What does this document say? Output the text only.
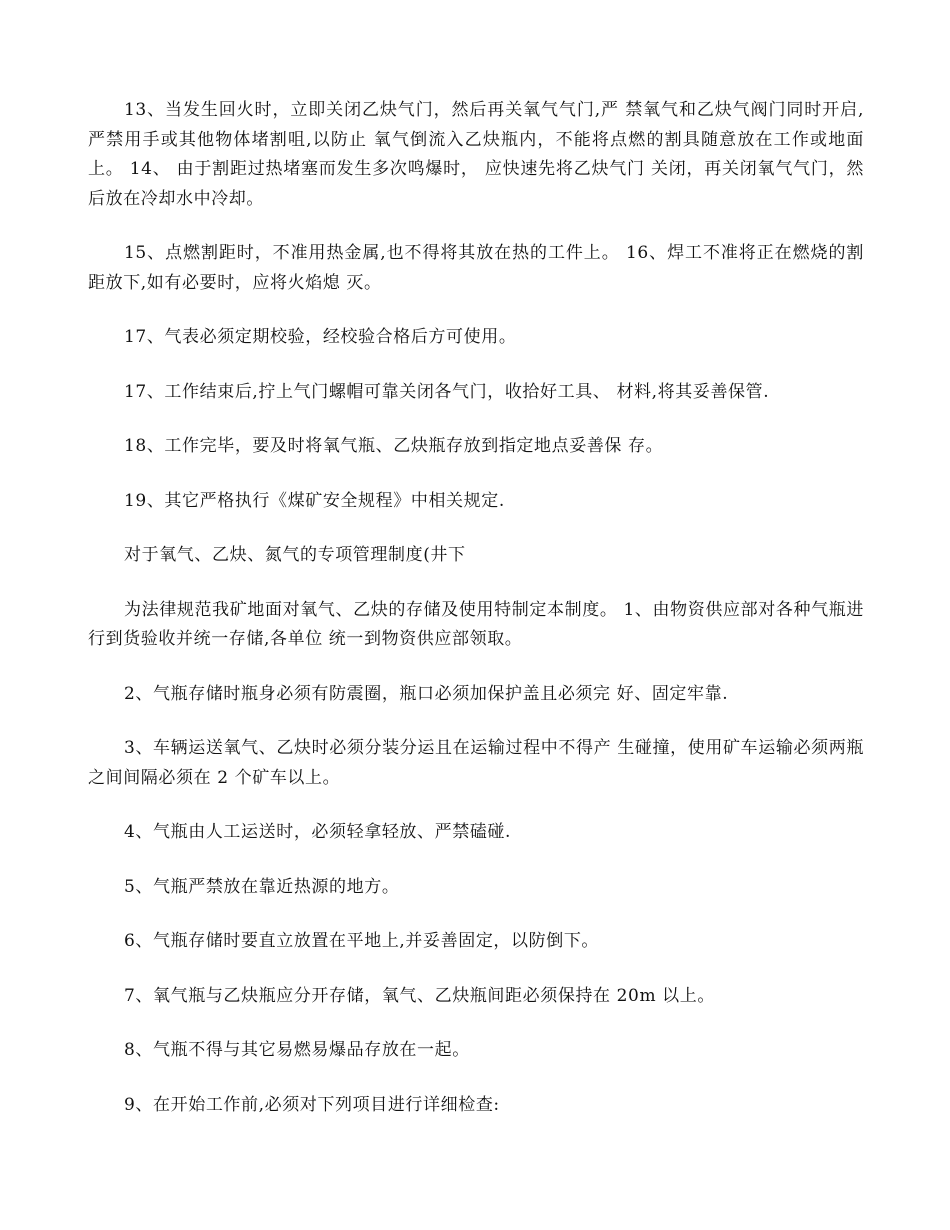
13、当发生回火时，立即关闭乙炔气门，然后再关氧气气门,严 禁氧气和乙炔气阀门同时开启,严禁用手或其他物体堵割咀,以防止 氧气倒流入乙炔瓶内，不能将点燃的割具随意放在工作或地面上。 14、 由于割距过热堵塞而发生多次鸣爆时， 应快速先将乙炔气门 关闭，再关闭氧气气门，然后放在冷却水中冷却。

15、点燃割距时，不准用热金属,也不得将其放在热的工件上。 16、焊工不准将正在燃烧的割距放下,如有必要时，应将火焰熄 灭。

17、气表必须定期校验，经校验合格后方可使用。

17、工作结束后,拧上气门螺帽可靠关闭各气门，收拾好工具、 材料,将其妥善保管.

18、工作完毕，要及时将氧气瓶、乙炔瓶存放到指定地点妥善保 存。

19、其它严格执行《煤矿安全规程》中相关规定.

对于氧气、乙炔、氮气的专项管理制度(井下

为法律规范我矿地面对氧气、乙炔的存储及使用特制定本制度。 1、由物资供应部对各种气瓶进行到货验收并统一存储,各单位 统一到物资供应部领取。

2、气瓶存储时瓶身必须有防震圈，瓶口必须加保护盖且必须完 好、固定牢靠.

3、车辆运送氧气、乙炔时必须分装分运且在运输过程中不得产 生碰撞，使用矿车运输必须两瓶之间间隔必须在 2 个矿车以上。

4、气瓶由人工运送时，必须轻拿轻放、严禁磕碰.

5、气瓶严禁放在靠近热源的地方。

6、气瓶存储时要直立放置在平地上,并妥善固定，以防倒下。

7、氧气瓶与乙炔瓶应分开存储，氧气、乙炔瓶间距必须保持在 20m 以上。

8、气瓶不得与其它易燃易爆品存放在一起。

9、在开始工作前,必须对下列项目进行详细检查:
